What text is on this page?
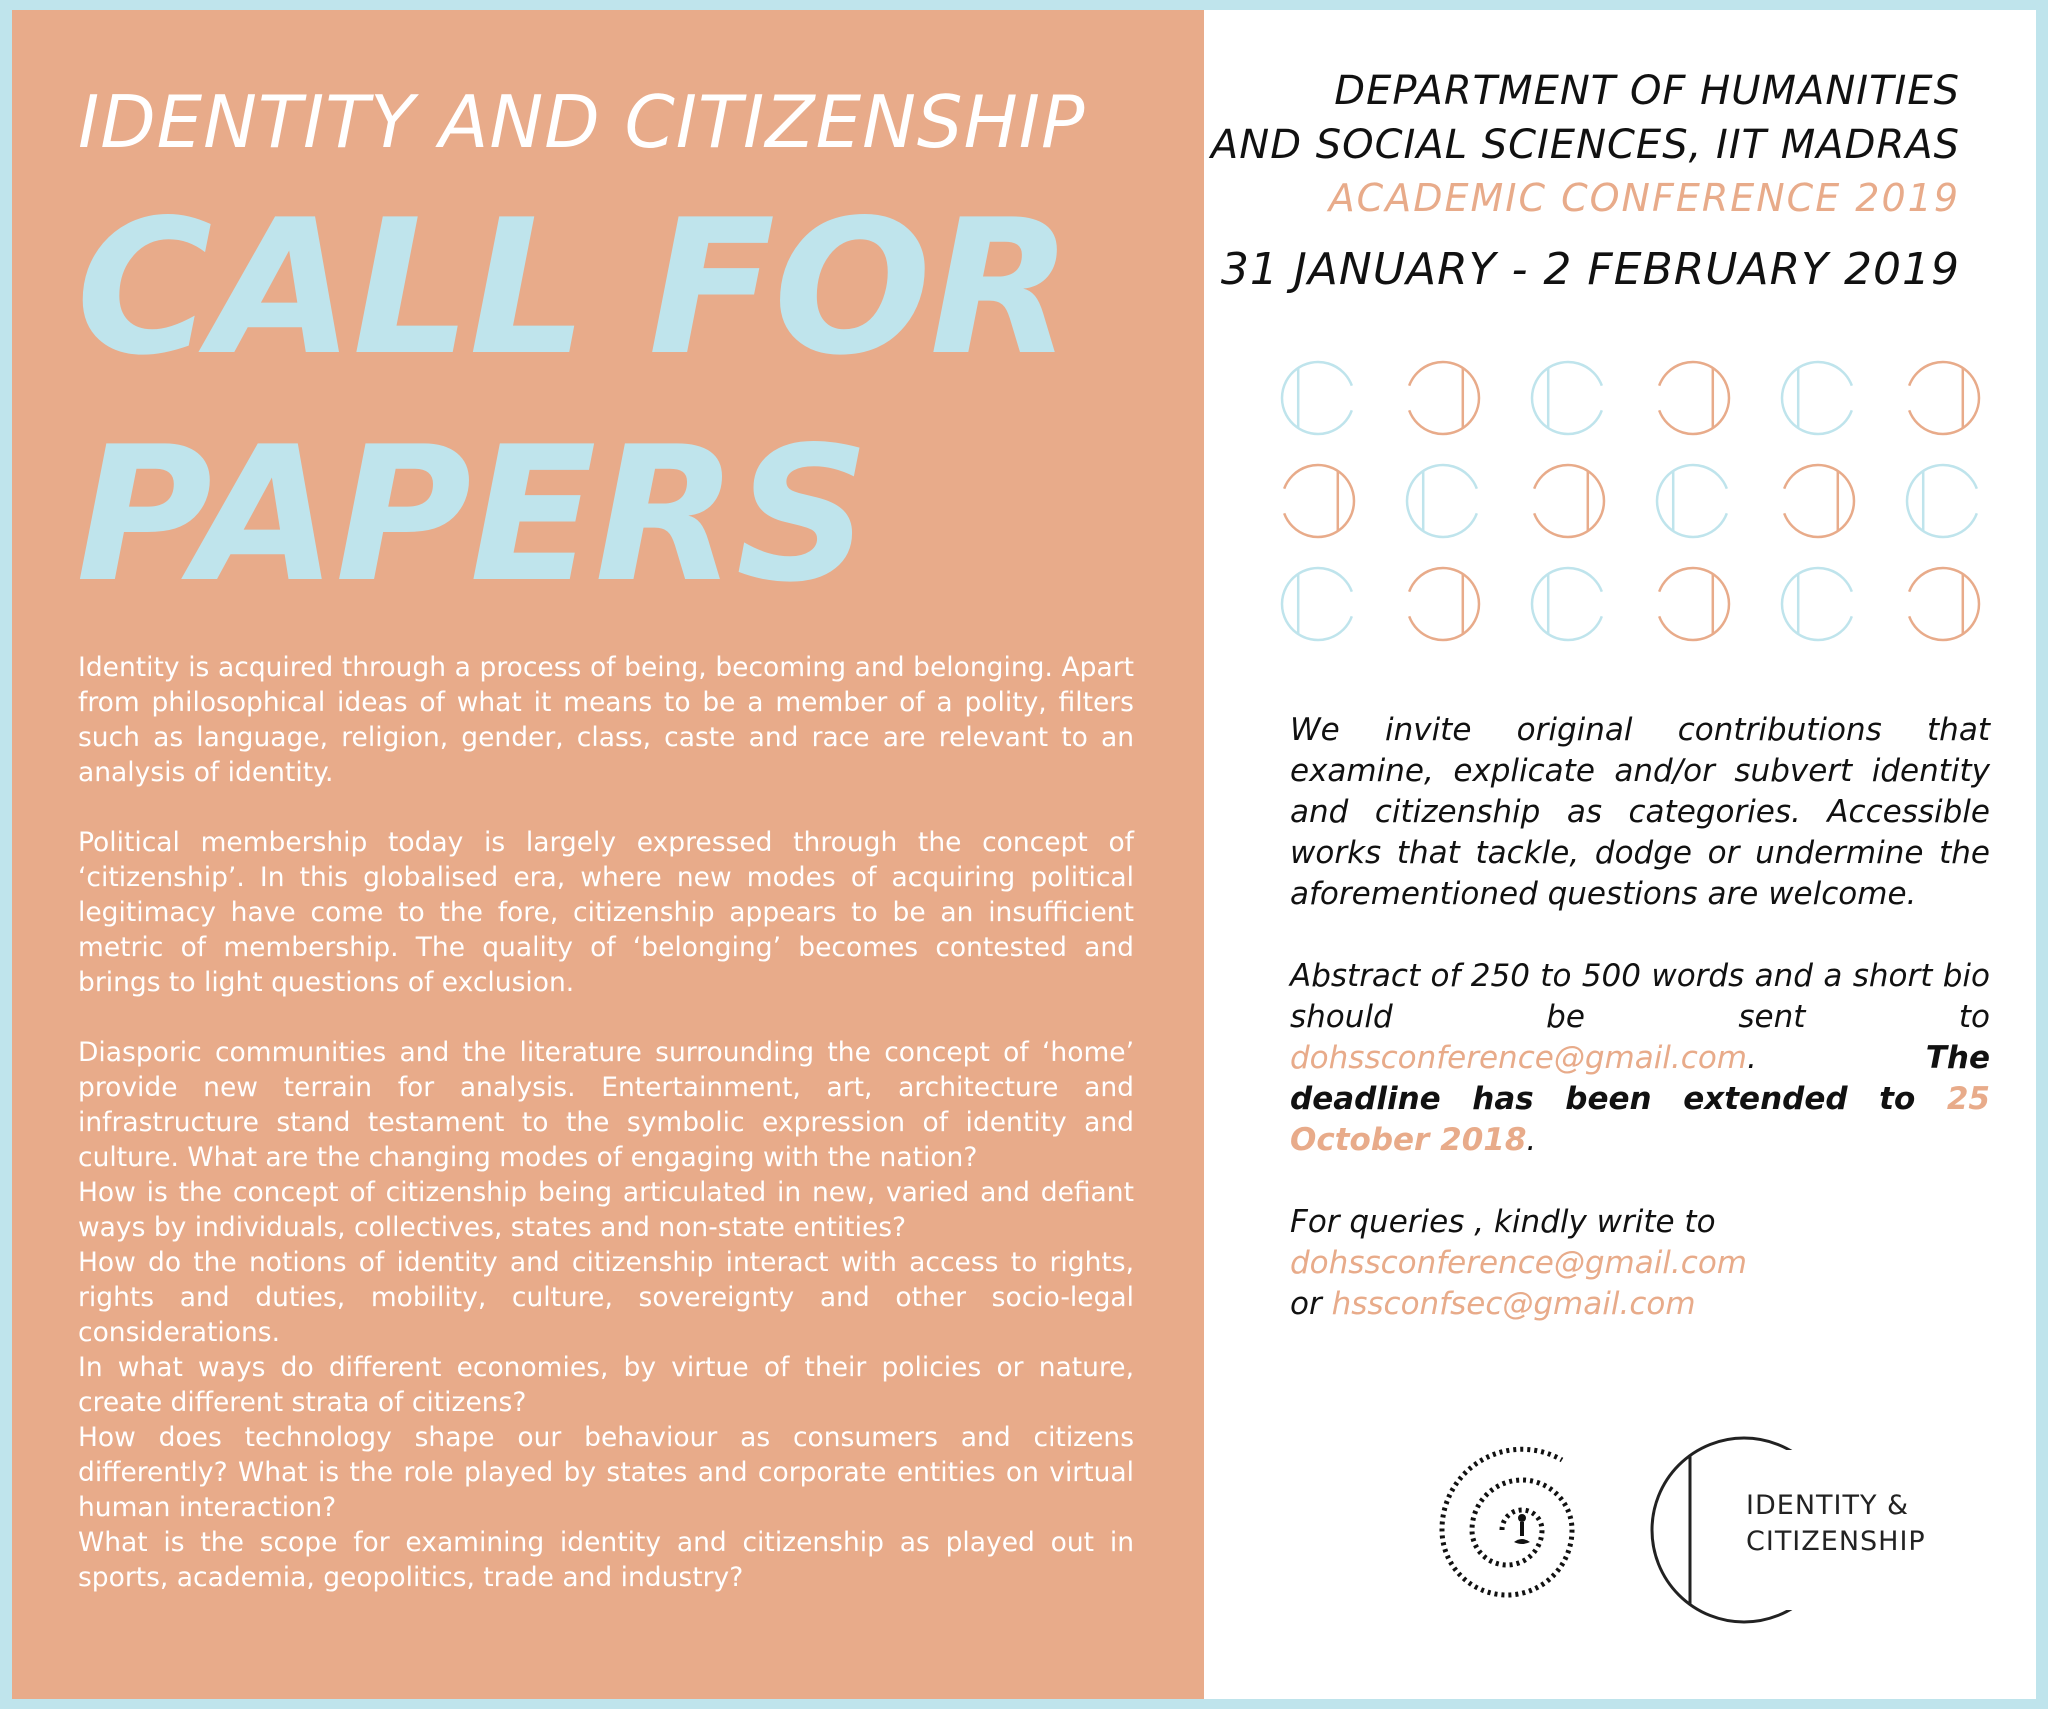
IDENTITY AND CITIZENSHIP
CALL FOR
PAPERS

Identity is acquired through a process of being, becoming and belonging. Apart from philosophical ideas of what it means to be a member of a polity, filters such as language, religion, gender, class, caste and race are relevant to an analysis of identity.

Political membership today is largely expressed through the concept of ‘citizenship’. In this globalised era, where new modes of acquiring political legitimacy have come to the fore, citizenship appears to be an insufficient metric of membership. The quality of ‘belonging’ becomes contested and brings to light questions of exclusion.

Diasporic communities and the literature surrounding the concept of ‘home’ provide new terrain for analysis. Entertainment, art, architecture and infrastructure stand testament to the symbolic expression of identity and culture. What are the changing modes of engaging with the nation?

How is the concept of citizenship being articulated in new, varied and defiant ways by individuals, collectives, states and non-state entities?

How do the notions of identity and citizenship interact with access to rights, rights and duties, mobility, culture, sovereignty and other socio-legal considerations.

In what ways do different economies, by virtue of their policies or nature, create different strata of citizens?

How does technology shape our behaviour as consumers and citizens differently? What is the role played by states and corporate entities on virtual human interaction?

What is the scope for examining identity and citizenship as played out in sports, academia, geopolitics, trade and industry?

DEPARTMENT OF HUMANITIES
AND SOCIAL SCIENCES, IIT MADRAS
ACADEMIC CONFERENCE 2019
31 JANUARY - 2 FEBRUARY 2019

We invite original contributions that examine, explicate and/or subvert identity and citizenship as categories. Accessible works that tackle, dodge or undermine the aforementioned questions are welcome.

Abstract of 250 to 500 words and a short bio should be sent to dohssconference@gmail.com. The deadline has been extended to 25 October 2018.

For queries , kindly write to

dohssconference@gmail.com

or hssconfsec@gmail.com

IDENTITY &
CITIZENSHIP
